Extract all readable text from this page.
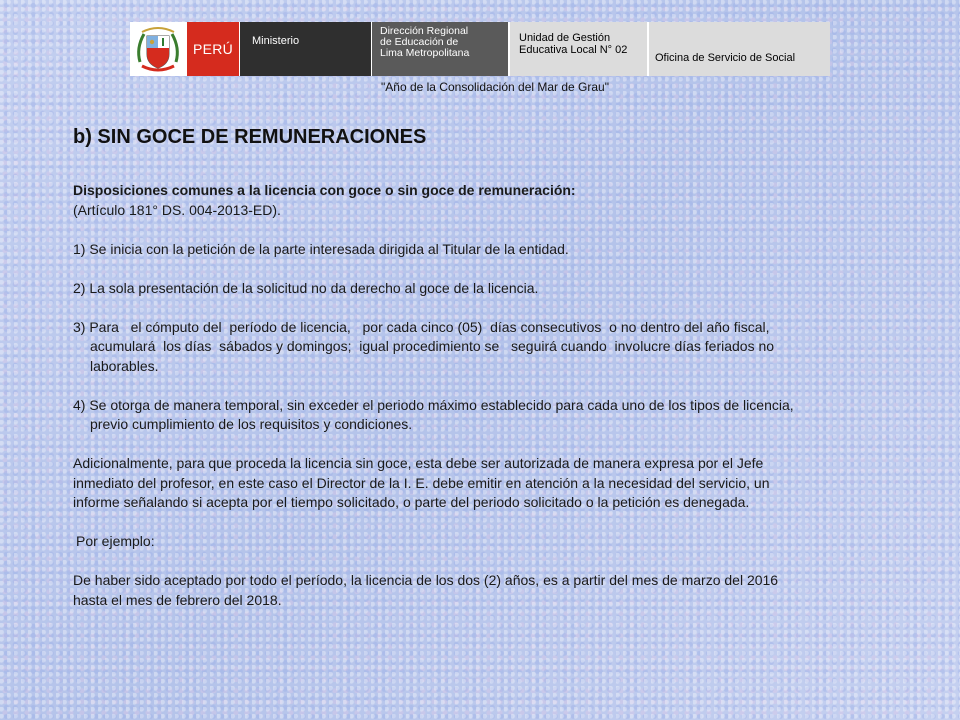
PERÚ	Ministerio
Dirección Regional
de Educación de
Lima Metropolitana
Unidad de Gestión
Educativa Local N° 02
Oficina de Servicio de Social
"Año de la Consolidación del Mar de Grau"
b) SIN GOCE DE REMUNERACIONES

Disposiciones comunes a la licencia con goce o sin goce de remuneración:

(Artículo 181° DS. 004-2013-ED).

1) Se inicia con la petición de la parte interesada dirigida al Titular de la entidad.

2) La sola presentación de la solicitud no da derecho al goce de la licencia.

3) Para   el cómputo del  período de licencia,   por cada cinco (05)  días consecutivos  o no dentro del año fiscal,

acumulará  los días  sábados y domingos;  igual procedimiento se   seguirá cuando  involucre días feriados no

laborables.

4) Se otorga de manera temporal, sin exceder el periodo máximo establecido para cada uno de los tipos de licencia,

previo cumplimiento de los requisitos y condiciones.

Adicionalmente, para que proceda la licencia sin goce, esta debe ser autorizada de manera expresa por el Jefe

inmediato del profesor, en este caso el Director de la I. E. debe emitir en atención a la necesidad del servicio, un

informe señalando si acepta por el tiempo solicitado, o parte del periodo solicitado o la petición es denegada.

Por ejemplo:

De haber sido aceptado por todo el período, la licencia de los dos (2) años, es a partir del mes de marzo del 2016

hasta el mes de febrero del 2018.
